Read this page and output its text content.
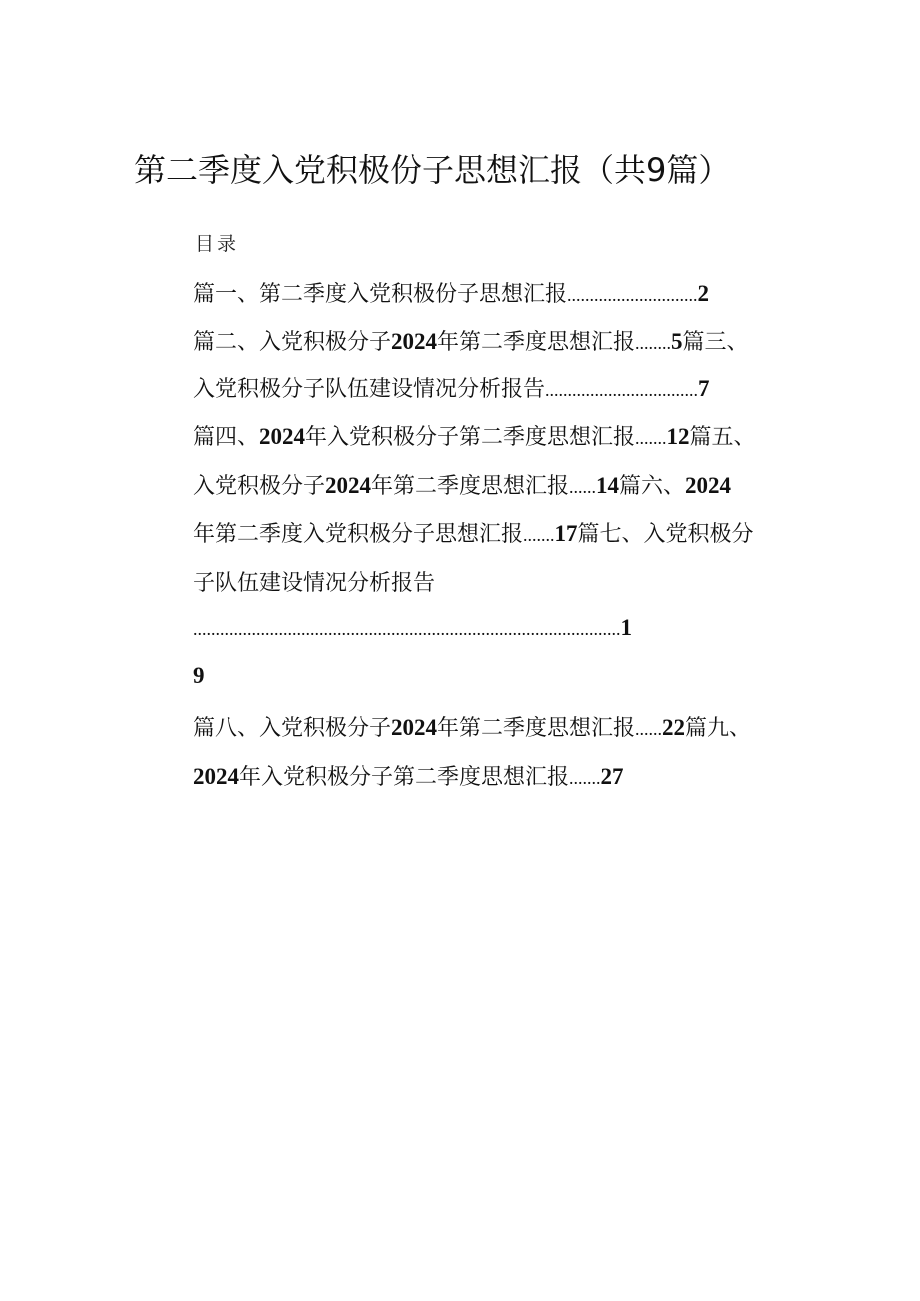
第二季度入党积极份子思想汇报（共9篇）
目录
篇一、第二季度入党积极份子思想汇报.............................2
篇二、入党积极分子2024年第二季度思想汇报........5篇三、
入党积极分子队伍建设情况分析报告..................................7
篇四、2024年入党积极分子第二季度思想汇报.......12篇五、
入党积极分子2024年第二季度思想汇报......14篇六、2024
年第二季度入党积极分子思想汇报.......17篇七、入党积极分
子队伍建设情况分析报告
...............................................................................................1
9
篇八、入党积极分子2024年第二季度思想汇报......22篇九、
2024年入党积极分子第二季度思想汇报.......27
